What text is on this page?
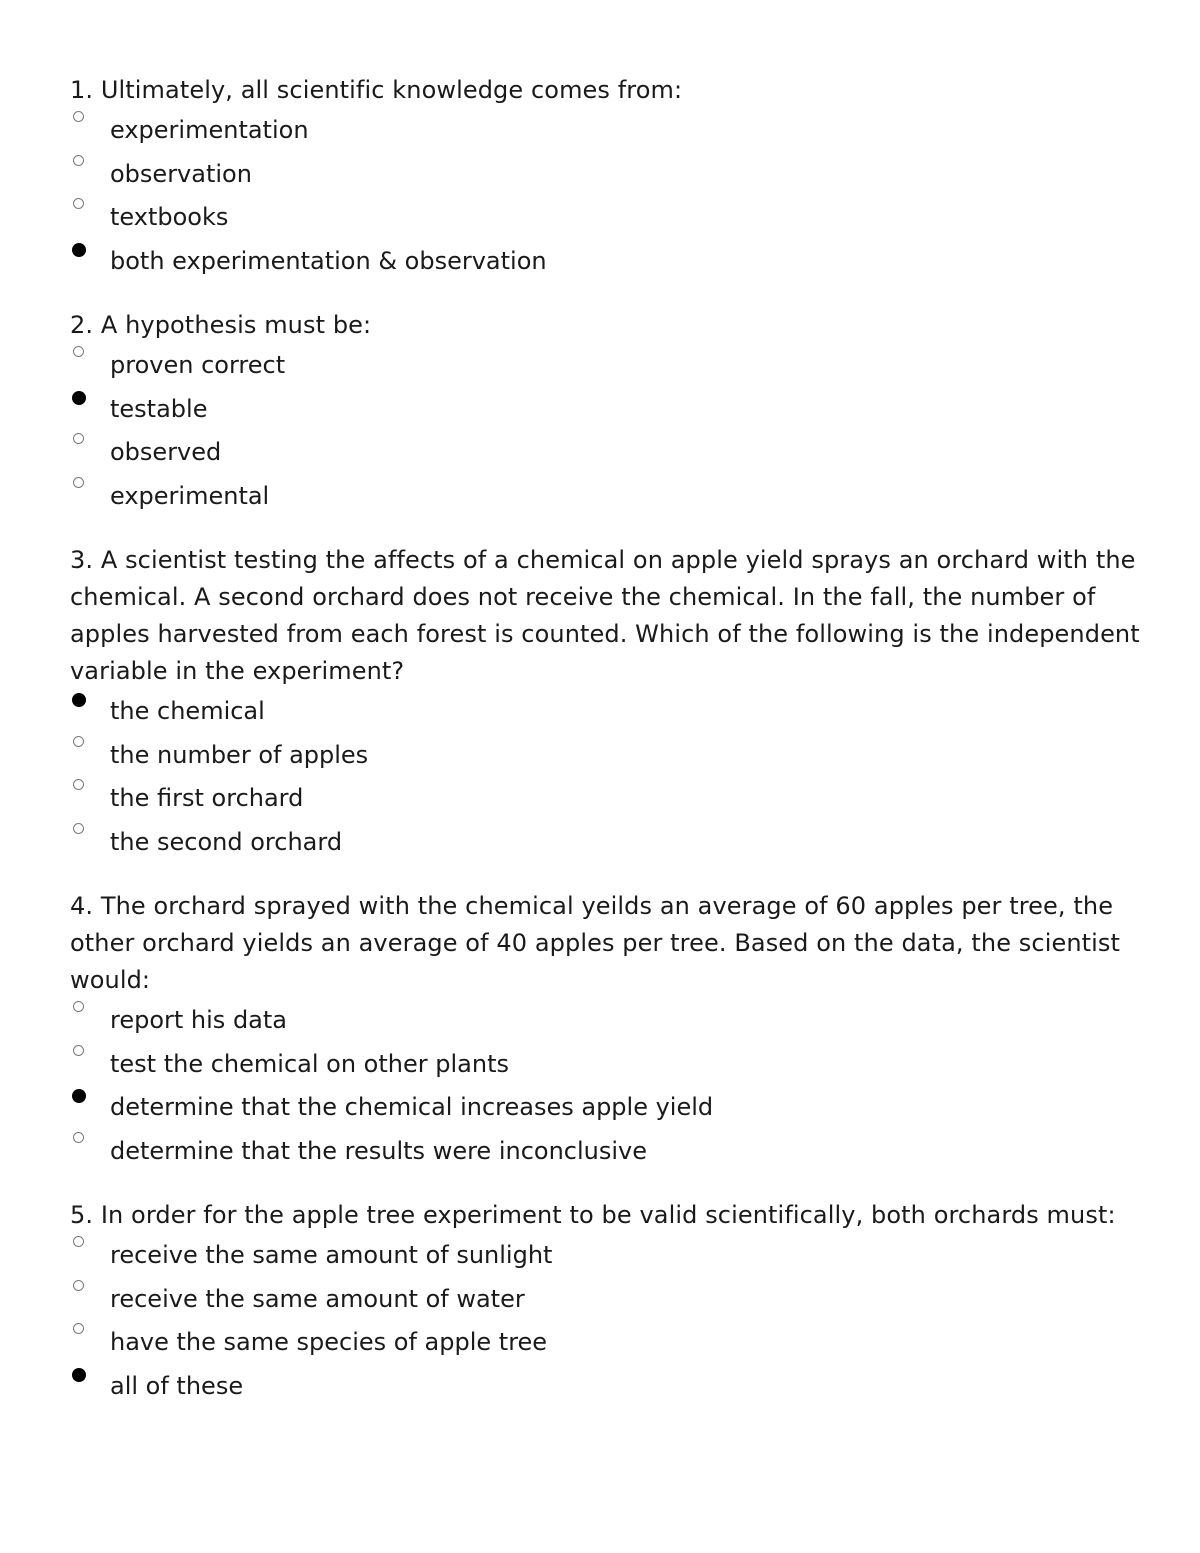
1. Ultimately, all scientific knowledge comes from:
experimentation
observation
textbooks
both experimentation & observation
2. A hypothesis must be:
proven correct
testable
observed
experimental
3. A scientist testing the affects of a chemical on apple yield sprays an orchard with the chemical. A second orchard does not receive the chemical. In the fall, the number of apples harvested from each forest is counted. Which of the following is the independent variable in the experiment?
the chemical
the number of apples
the first orchard
the second orchard
4. The orchard sprayed with the chemical yeilds an average of 60 apples per tree, the other orchard yields an average of 40 apples per tree. Based on the data, the scientist would:
report his data
test the chemical on other plants
determine that the chemical increases apple yield
determine that the results were inconclusive
5. In order for the apple tree experiment to be valid scientifically, both orchards must:
receive the same amount of sunlight
receive the same amount of water
have the same species of apple tree
all of these
